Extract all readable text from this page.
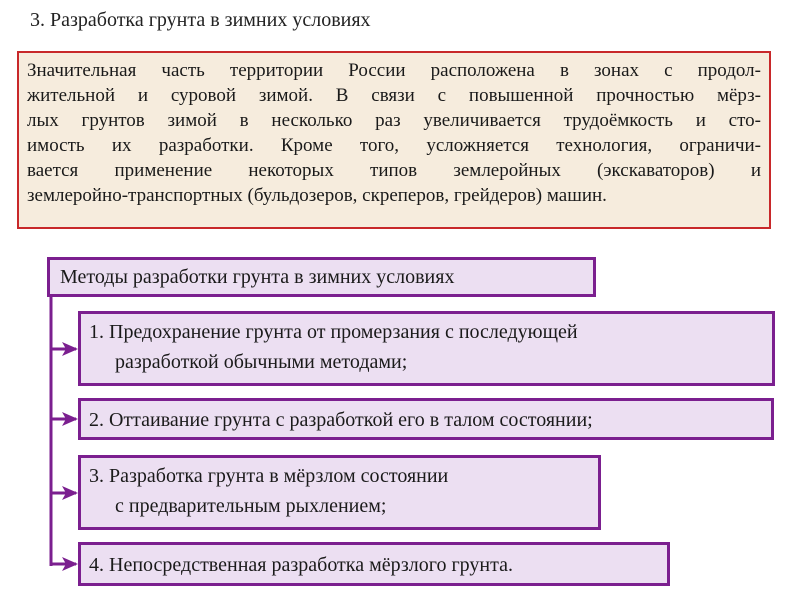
3. Разработка грунта в зимних условиях
Значительная часть территории России расположена в зонах с продол-
жительной и суровой зимой. В связи с повышенной прочностью мёрз-
лых грунтов зимой в несколько раз увеличивается трудоёмкость и сто-
имость их разработки. Кроме того, усложняется технология, ограничи-
вается применение некоторых типов землеройных (экскаваторов) и
землеройно-транспортных (бульдозеров, скреперов, грейдеров) машин.
Методы разработки грунта в зимних условиях
1. Предохранение грунта от промерзания с последующей
разработкой обычными методами;
2. Оттаивание грунта с разработкой его в талом состоянии;
3. Разработка грунта в мёрзлом состоянии
с предварительным рыхлением;
4. Непосредственная разработка мёрзлого грунта.
